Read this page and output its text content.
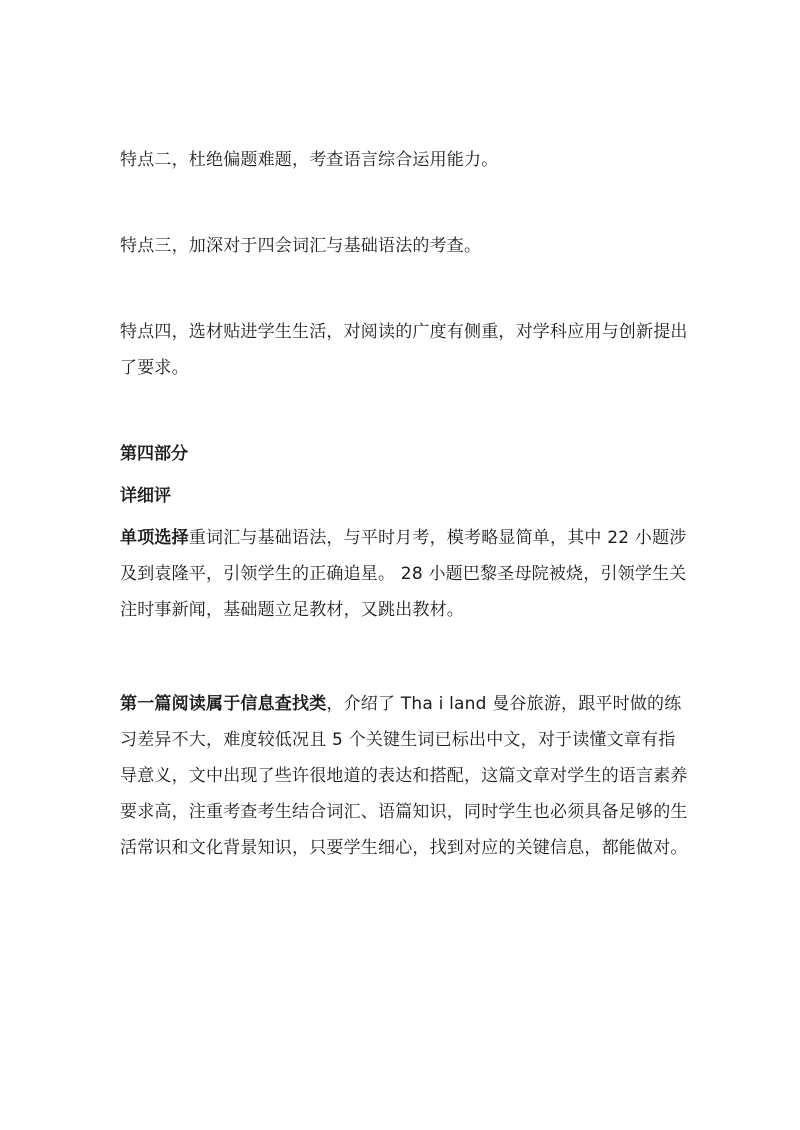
特点二，杜绝偏题难题，考查语言综合运用能力。

特点三，加深对于四会词汇与基础语法的考查。

特点四，选材贴进学生生活，对阅读的广度有侧重，对学科应用与创新提出了要求。

第四部分

详细评

单项选择重词汇与基础语法，与平时月考，模考略显简单，其中 22 小题涉及到袁隆平，引领学生的正确追星。 28 小题巴黎圣母院被烧，引领学生关注时事新闻，基础题立足教材，又跳出教材。

第一篇阅读属于信息查找类，介绍了 Tha i land 曼谷旅游，跟平时做的练习差异不大，难度较低况且 5 个关键生词已标出中文，对于读懂文章有指导意义，文中出现了些许很地道的表达和搭配，这篇文章对学生的语言素养要求高，注重考查考生结合词汇、语篇知识，同时学生也必须具备足够的生活常识和文化背景知识，只要学生细心，找到对应的关键信息，都能做对。
